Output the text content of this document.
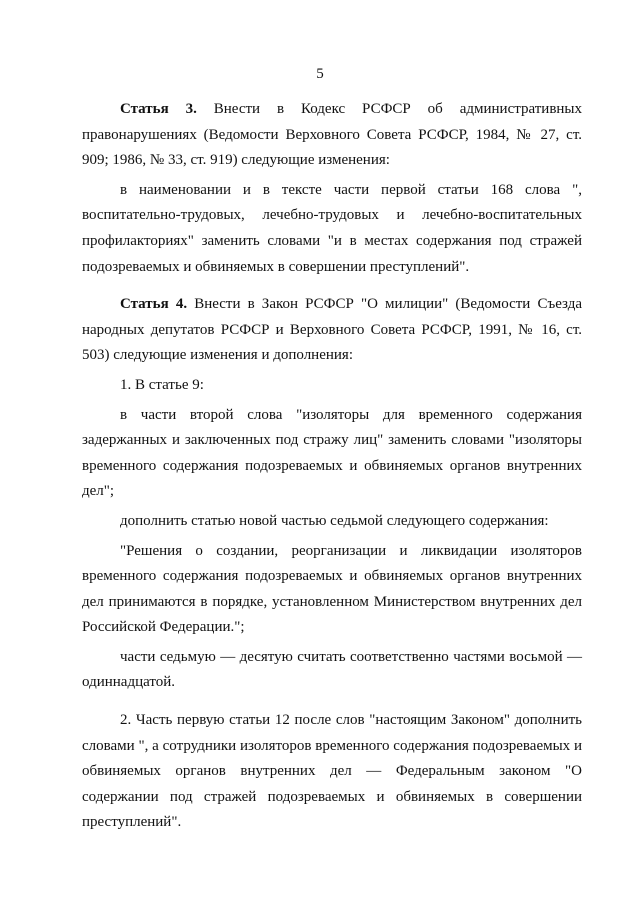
5

Статья 3. Внести в Кодекс РСФСР об административных правонарушениях (Ведомости Верховного Совета РСФСР, 1984, № 27, ст. 909; 1986, № 33, ст. 919) следующие изменения:

в наименовании и в тексте части первой статьи 168 слова ", воспитательно-трудовых, лечебно-трудовых и лечебно-воспитательных профилакториях" заменить словами "и в местах содержания под стражей подозреваемых и обвиняемых в совершении преступлений".

Статья 4. Внести в Закон РСФСР "О милиции" (Ведомости Съезда народных депутатов РСФСР и Верховного Совета РСФСР, 1991, № 16, ст. 503) следующие изменения и дополнения:

1. В статье 9:

в части второй слова "изоляторы для временного содержания задержанных и заключенных под стражу лиц" заменить словами "изоляторы временного содержания подозреваемых и обвиняемых органов внутренних дел";

дополнить статью новой частью седьмой следующего содержания:

"Решения о создании, реорганизации и ликвидации изоляторов временного содержания подозреваемых и обвиняемых органов внутренних дел принимаются в порядке, установленном Министерством внутренних дел Российской Федерации.";

части седьмую — десятую считать соответственно частями восьмой — одиннадцатой.

2. Часть первую статьи 12 после слов "настоящим Законом" дополнить словами ", а сотрудники изоляторов временного содержания подозреваемых и обвиняемых органов внутренних дел — Федеральным законом "О содержании под стражей подозреваемых и обвиняемых в совершении преступлений".
